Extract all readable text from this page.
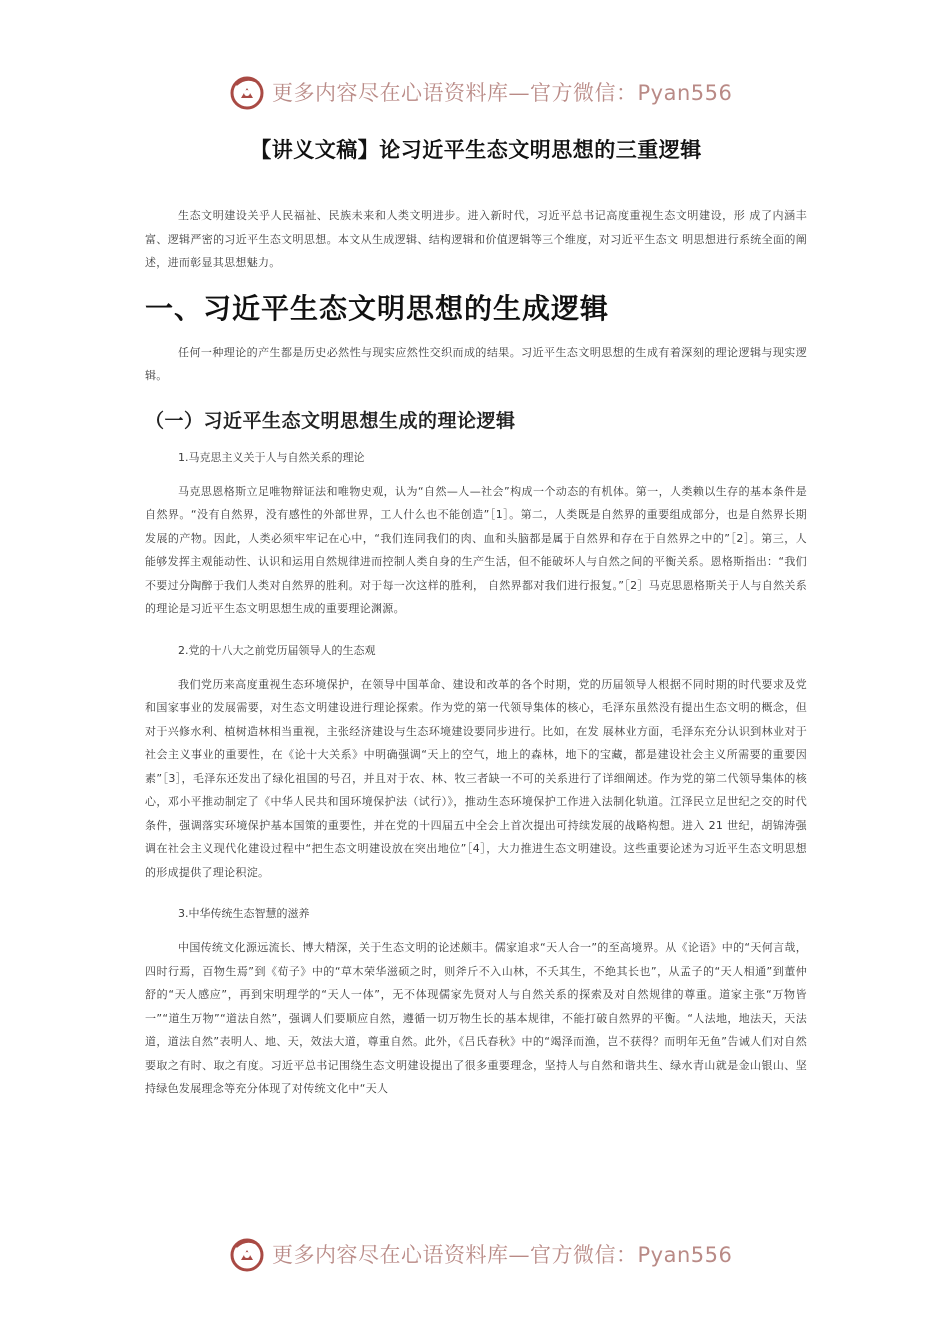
更多内容尽在心语资料库—官方微信：Pyan556
【讲义文稿】论习近平生态文明思想的三重逻辑

生态文明建设关乎人民福祉、民族未来和人类文明进步。进入新时代，习近平总书记高度重视生态文明建设，形 成了内涵丰富、逻辑严密的习近平生态文明思想。本文从生成逻辑、结构逻辑和价值逻辑等三个维度，对习近平生态文 明思想进行系统全面的阐述，进而彰显其思想魅力。

一、习近平生态文明思想的生成逻辑

任何一种理论的产生都是历史必然性与现实应然性交织而成的结果。习近平生态文明思想的生成有着深刻的理论逻辑与现实逻辑。

（一）习近平生态文明思想生成的理论逻辑
1.马克思主义关于人与自然关系的理论

马克思恩格斯立足唯物辩证法和唯物史观，认为“自然—人—社会”构成一个动态的有机体。第一，人类赖以生存的基本条件是自然界。“没有自然界，没有感性的外部世界，工人什么也不能创造”［1］。第二，人类既是自然界的重要组成部分，也是自然界长期发展的产物。因此，人类必须牢牢记在心中，“我们连同我们的肉、血和头脑都是属于自然界和存在于自然界之中的”［2］。第三，人能够发挥主观能动性、认识和运用自然规律进而控制人类自身的生产生活，但不能破坏人与自然之间的平衡关系。恩格斯指出：“我们不要过分陶醉于我们人类对自然界的胜利。对于每一次这样的胜利， 自然界都对我们进行报复。”［2］马克思恩格斯关于人与自然关系的理论是习近平生态文明思想生成的重要理论渊源。

2.党的十八大之前党历届领导人的生态观

我们党历来高度重视生态环境保护，在领导中国革命、建设和改革的各个时期，党的历届领导人根据不同时期的时代要求及党和国家事业的发展需要，对生态文明建设进行理论探索。作为党的第一代领导集体的核心，毛泽东虽然没有提出生态文明的概念，但对于兴修水利、植树造林相当重视，主张经济建设与生态环境建设要同步进行。比如，在发 展林业方面，毛泽东充分认识到林业对于社会主义事业的重要性，在《论十大关系》中明确强调“天上的空气，地上的森林，地下的宝藏，都是建设社会主义所需要的重要因素”［3］，毛泽东还发出了绿化祖国的号召，并且对于农、林、牧三者缺一不可的关系进行了详细阐述。作为党的第二代领导集体的核心，邓小平推动制定了《中华人民共和国环境保护法（试行）》，推动生态环境保护工作进入法制化轨道。江泽民立足世纪之交的时代条件，强调落实环境保护基本国策的重要性，并在党的十四届五中全会上首次提出可持续发展的战略构想。进入 21 世纪，胡锦涛强调在社会主义现代化建设过程中“把生态文明建设放在突出地位”［4］，大力推进生态文明建设。这些重要论述为习近平生态文明思想的形成提供了理论积淀。

3.中华传统生态智慧的滋养

中国传统文化源远流长、博大精深，关于生态文明的论述颇丰。儒家追求“天人合一”的至高境界。从《论语》中的“天何言哉，四时行焉，百物生焉”到《荀子》中的“草木荣华滋硕之时，则斧斤不入山林，不夭其生，不绝其长也”，从孟子的“天人相通”到董仲舒的“天人感应”，再到宋明理学的“天人一体”，无不体现儒家先贤对人与自然关系的探索及对自然规律的尊重。道家主张“万物皆一”“道生万物”“道法自然”，强调人们要顺应自然，遵循一切万物生长的基本规律，不能打破自然界的平衡。“人法地，地法天，天法道，道法自然”表明人、地、天，效法大道，尊重自然。此外，《吕氏春秋》中的“竭泽而渔，岂不获得？而明年无鱼”告诫人们对自然要取之有时、取之有度。习近平总书记围绕生态文明建设提出了很多重要理念，坚持人与自然和谐共生、绿水青山就是金山银山、坚持绿色发展理念等充分体现了对传统文化中“天人

更多内容尽在心语资料库—官方微信：Pyan556
